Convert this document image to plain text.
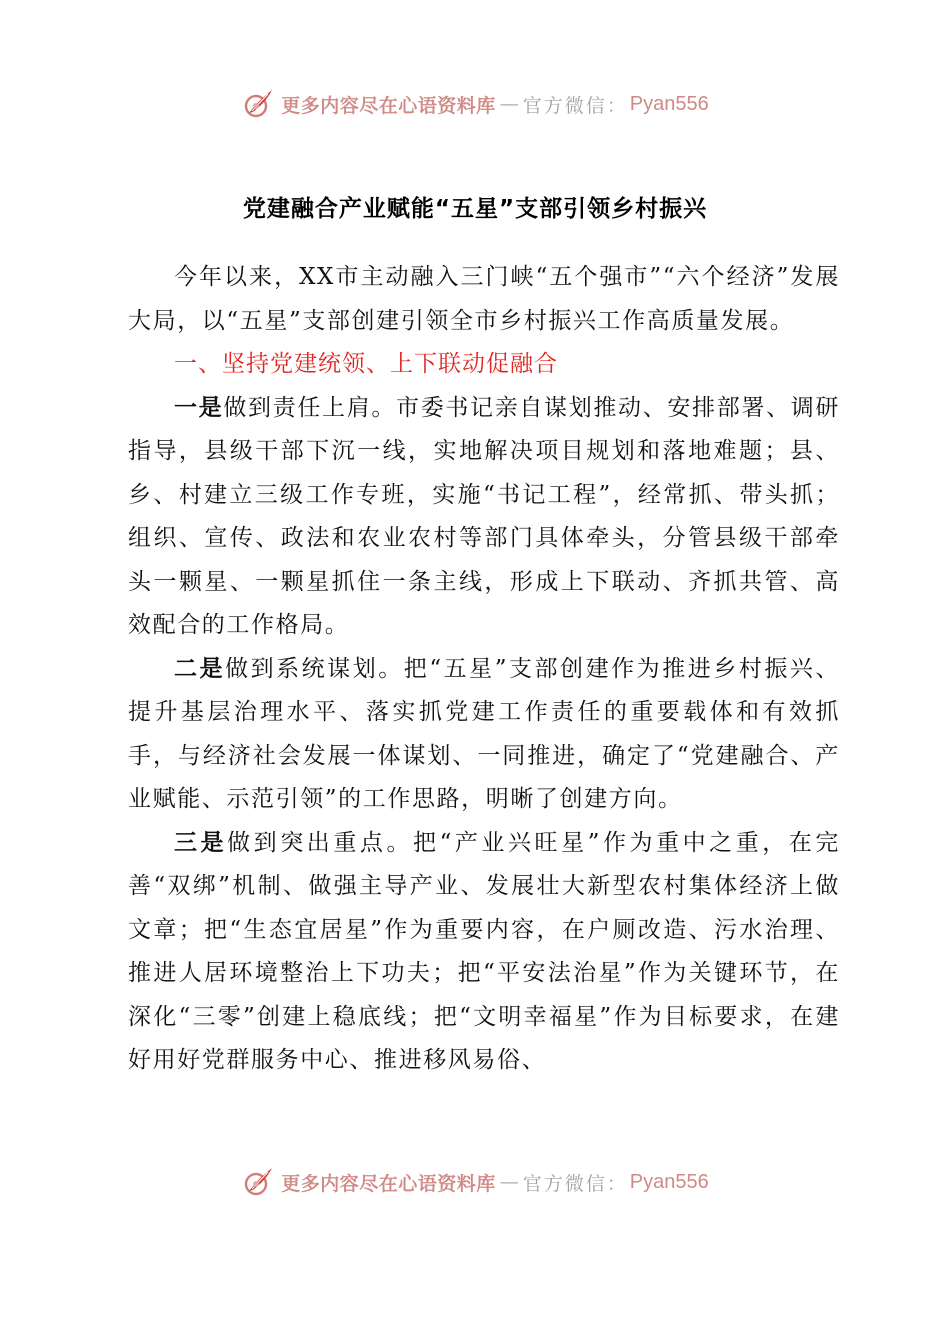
更多内容尽在心语资料库 — 官方微信： Pyan556
党建融合产业赋能“五星”支部引领乡村振兴

今年以来，XX市主动融入三门峡“五个强市”“六个经济”发展大局，以“五星”支部创建引领全市乡村振兴工作高质量发展。

一、坚持党建统领、上下联动促融合

一是做到责任上肩。市委书记亲自谋划推动、安排部署、调研指导，县级干部下沉一线，实地解决项目规划和落地难题；县、乡、村建立三级工作专班，实施“书记工程”，经常抓、带头抓；组织、宣传、政法和农业农村等部门具体牵头，分管县级干部牵头一颗星、一颗星抓住一条主线，形成上下联动、齐抓共管、高效配合的工作格局。

二是做到系统谋划。把“五星”支部创建作为推进乡村振兴、提升基层治理水平、落实抓党建工作责任的重要载体和有效抓手，与经济社会发展一体谋划、一同推进，确定了“党建融合、产业赋能、示范引领”的工作思路，明晰了创建方向。

三是做到突出重点。把“产业兴旺星”作为重中之重，在完善“双绑”机制、做强主导产业、发展壮大新型农村集体经济上做文章；把“生态宜居星”作为重要内容，在户厕改造、污水治理、推进人居环境整治上下功夫；把“平安法治星”作为关键环节，在深化“三零”创建上稳底线；把“文明幸福星”作为目标要求，在建好用好党群服务中心、推进移风易俗、

更多内容尽在心语资料库 — 官方微信： Pyan556
